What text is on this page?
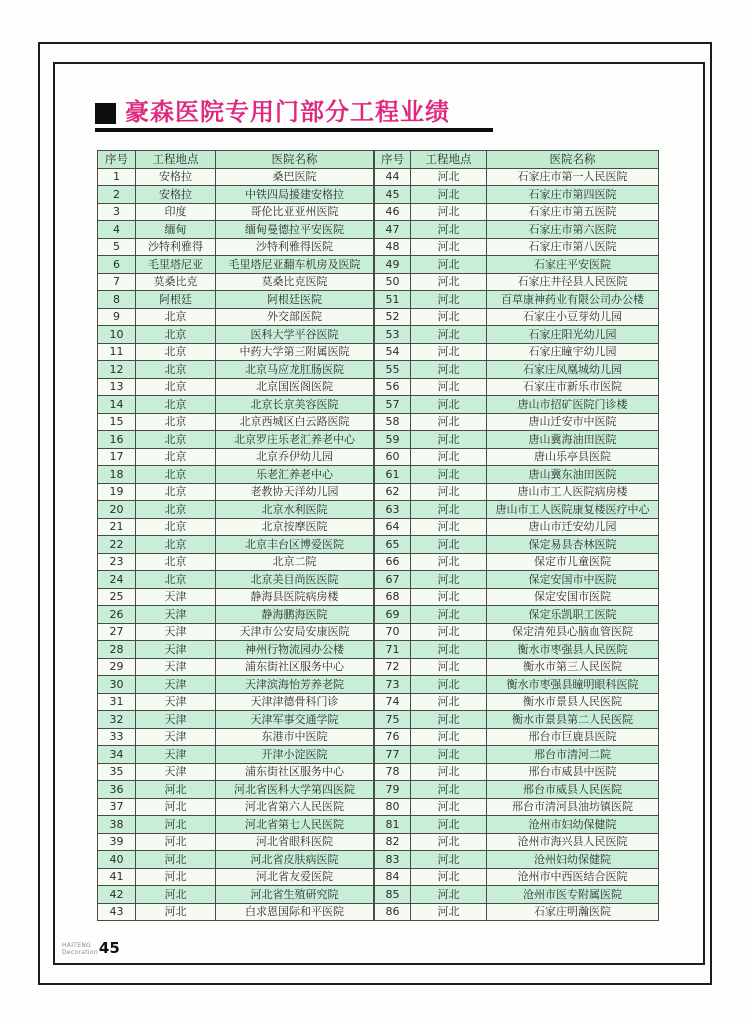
豪森医院专用门部分工程业绩
序号	工程地点	医院名称
1	安格拉	桑巴医院
2	安格拉	中铁四局援建安格拉
3	印度	哥伦比亚亚州医院
4	缅甸	缅甸曼德拉平安医院
5	沙特利雅得	沙特利雅得医院
6	毛里塔尼亚	毛里塔尼亚翻车机房及医院
7	莫桑比克	莫桑比克医院
8	阿根廷	阿根廷医院
9	北京	外交部医院
10	北京	医科大学平谷医院
11	北京	中药大学第三附属医院
12	北京	北京马应龙肛肠医院
13	北京	北京国医阁医院
14	北京	北京长京美容医院
15	北京	北京西城区白云路医院
16	北京	北京罗庄乐老汇养老中心
17	北京	北京乔伊幼儿园
18	北京	乐老汇养老中心
19	北京	老教协天洋幼儿园
20	北京	北京水利医院
21	北京	北京按摩医院
22	北京	北京丰台区博爱医院
23	北京	北京二院
24	北京	北京美目尚医医院
25	天津	静海县医院病房楼
26	天津	静海鹏海医院
27	天津	天津市公安局安康医院
28	天津	神州行物流园办公楼
29	天津	浦东街社区服务中心
30	天津	天津滨海怡芳养老院
31	天津	天津津德骨科门诊
32	天津	天津军事交通学院
33	天津	东港市中医院
34	天津	开津小淀医院
35	天津	浦东街社区服务中心
36	河北	河北省医科大学第四医院
37	河北	河北省第六人民医院
38	河北	河北省第七人民医院
39	河北	河北省眼科医院
40	河北	河北省皮肤病医院
41	河北	河北省友爱医院
42	河北	河北省生殖研究院
43	河北	白求恩国际和平医院
序号	工程地点	医院名称
44	河北	石家庄市第一人民医院
45	河北	石家庄市第四医院
46	河北	石家庄市第五医院
47	河北	石家庄市第六医院
48	河北	石家庄市第八医院
49	河北	石家庄平安医院
50	河北	石家庄井径县人民医院
51	河北	百草康神药业有限公司办公楼
52	河北	石家庄小豆芽幼儿园
53	河北	石家庄阳光幼儿园
54	河北	石家庄瞳宇幼儿园
55	河北	石家庄凤凰城幼儿园
56	河北	石家庄市新乐市医院
57	河北	唐山市招矿医院门诊楼
58	河北	唐山迁安市中医院
59	河北	唐山冀海油田医院
60	河北	唐山乐亭县医院
61	河北	唐山冀东油田医院
62	河北	唐山市工人医院病房楼
63	河北	唐山市工人医院康复楼医疗中心
64	河北	唐山市迁安幼儿园
65	河北	保定易县杏林医院
66	河北	保定市儿童医院
67	河北	保定安国市中医院
68	河北	保定安国市医院
69	河北	保定乐凯职工医院
70	河北	保定清苑县心脑血管医院
71	河北	衡水市枣强县人民医院
72	河北	衡水市第三人民医院
73	河北	衡水市枣强县瞳明眼科医院
74	河北	衡水市景县人民医院
75	河北	衡水市景县第二人民医院
76	河北	邢台市巨鹿县医院
77	河北	邢台市清河二院
78	河北	邢台市威县中医院
79	河北	邢台市威县人民医院
80	河北	邢台市清河县油坊镇医院
81	河北	沧州市妇幼保健院
82	河北	沧州市海兴县人民医院
83	河北	沧州妇幼保健院
84	河北	沧州市中西医结合医院
85	河北	沧州市医专附属医院
86	河北	石家庄明瀚医院
HAITENG
Decoration 45
